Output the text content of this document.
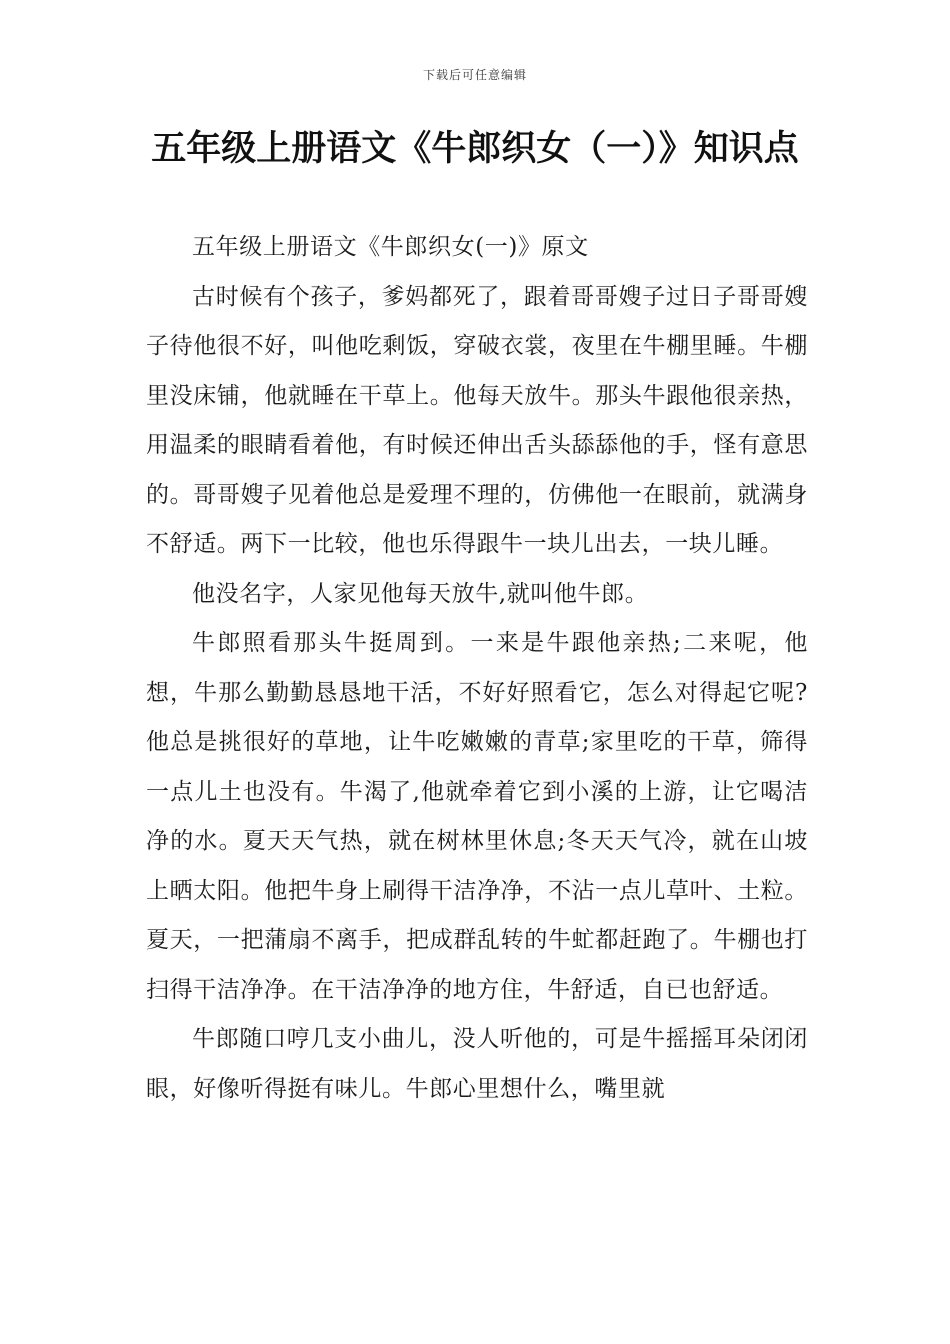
下载后可任意编辑
五年级上册语文《牛郎织女（一）》知识点

五年级上册语文《牛郎织女(一)》原文

古时候有个孩子，爹妈都死了，跟着哥哥嫂子过日子哥哥嫂子待他很不好，叫他吃剩饭，穿破衣裳，夜里在牛棚里睡。牛棚里没床铺，他就睡在干草上。他每天放牛。那头牛跟他很亲热，用温柔的眼睛看着他，有时候还伸出舌头舔舔他的手，怪有意思的。哥哥嫂子见着他总是爱理不理的，仿佛他一在眼前，就满身不舒适。两下一比较，他也乐得跟牛一块儿出去，一块儿睡。

他没名字，人家见他每天放牛,就叫他牛郎。

牛郎照看那头牛挺周到。一来是牛跟他亲热;二来呢，他想，牛那么勤勤恳恳地干活，不好好照看它，怎么对得起它呢?他总是挑很好的草地，让牛吃嫩嫩的青草;家里吃的干草，筛得一点儿土也没有。牛渴了,他就牵着它到小溪的上游，让它喝洁净的水。夏天天气热，就在树林里休息;冬天天气冷，就在山坡上晒太阳。他把牛身上刷得干洁净净，不沾一点儿草叶、土粒。夏天，一把蒲扇不离手，把成群乱转的牛虻都赶跑了。牛棚也打扫得干洁净净。在干洁净净的地方住，牛舒适，自已也舒适。

牛郎随口哼几支小曲儿，没人听他的，可是牛摇摇耳朵闭闭眼，好像听得挺有味儿。牛郎心里想什么，嘴里就
